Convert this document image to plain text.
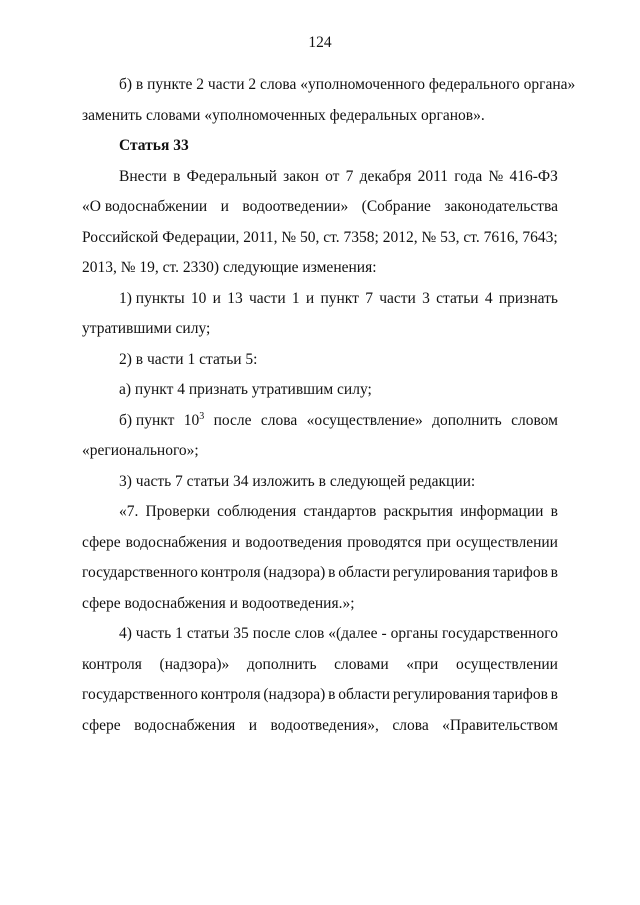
124
б) в пункте 2 части 2 слова «уполномоченного федерального органа»
заменить словами «уполномоченных федеральных органов».
Статья 33
Внести в Федеральный закон от 7 декабря 2011 года № 416-ФЗ
«О водоснабжении и водоотведении» (Собрание законодательства
Российской Федерации, 2011, № 50, ст. 7358; 2012, № 53, ст. 7616, 7643;
2013, № 19, ст. 2330) следующие изменения:
1) пункты 10 и 13 части 1 и пункт 7 части 3 статьи 4 признать
утратившими силу;
2) в части 1 статьи 5:
а) пункт 4 признать утратившим силу;
б) пункт $10^3$ после слова «осуществление» дополнить словом
«регионального»;
3) часть 7 статьи 34 изложить в следующей редакции:
«7. Проверки соблюдения стандартов раскрытия информации в
сфере водоснабжения и водоотведения проводятся при осуществлении
государственного контроля (надзора) в области регулирования тарифов в
сфере водоснабжения и водоотведения.»;
4) часть 1 статьи 35 после слов «(далее - органы государственного
контроля (надзора)» дополнить словами «при осуществлении
государственного контроля (надзора) в области регулирования тарифов в
сфере водоснабжения и водоотведения», слова «Правительством
